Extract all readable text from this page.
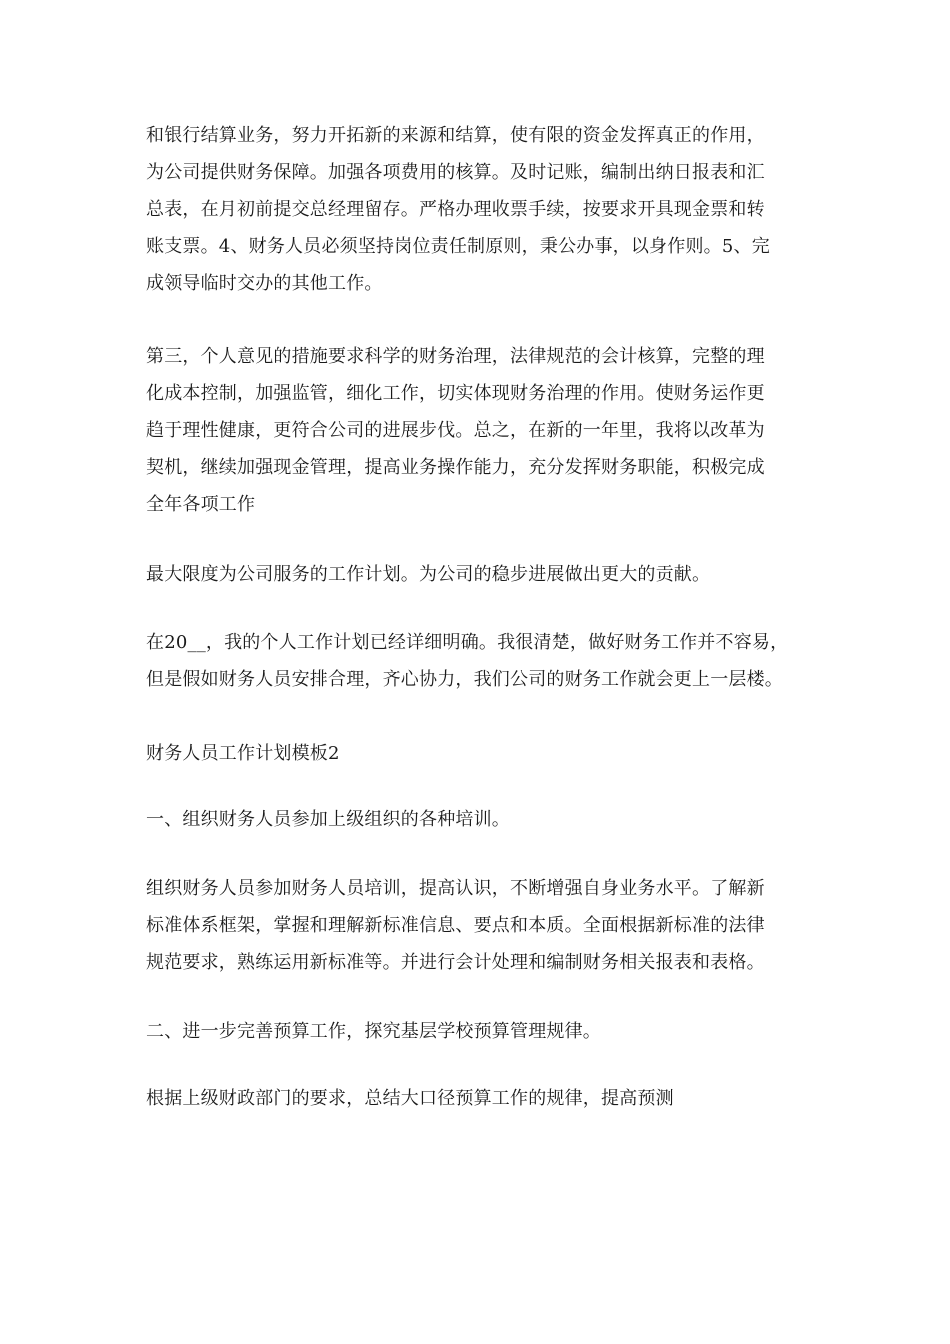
和银行结算业务，努力开拓新的来源和结算，使有限的资金发挥真正的作用，
为公司提供财务保障。加强各项费用的核算。及时记账，编制出纳日报表和汇
总表，在月初前提交总经理留存。严格办理收票手续，按要求开具现金票和转
账支票。4、财务人员必须坚持岗位责任制原则，秉公办事，以身作则。5、完
成领导临时交办的其他工作。

第三，个人意见的措施要求科学的财务治理，法律规范的会计核算，完整的理
化成本控制，加强监管，细化工作，切实体现财务治理的作用。使财务运作更
趋于理性健康，更符合公司的进展步伐。总之，在新的一年里，我将以改革为
契机，继续加强现金管理，提高业务操作能力，充分发挥财务职能，积极完成
全年各项工作

最大限度为公司服务的工作计划。为公司的稳步进展做出更大的贡献。

在20__，我的个人工作计划已经详细明确。我很清楚，做好财务工作并不容易，
但是假如财务人员安排合理，齐心协力，我们公司的财务工作就会更上一层楼。

财务人员工作计划模板2

一、组织财务人员参加上级组织的各种培训。

组织财务人员参加财务人员培训，提高认识，不断增强自身业务水平。了解新
标准体系框架，掌握和理解新标准信息、要点和本质。全面根据新标准的法律
规范要求，熟练运用新标准等。并进行会计处理和编制财务相关报表和表格。

二、进一步完善预算工作，探究基层学校预算管理规律。

根据上级财政部门的要求，总结大口径预算工作的规律，提高预测
